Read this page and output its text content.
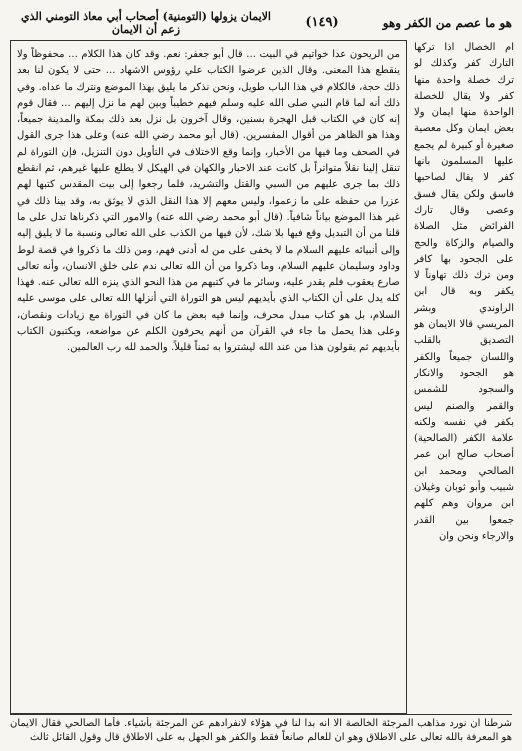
هو ما عصم من الكفر وهو
(١٤٩)
الايمان يزولها (التومنية) أصحاب أبي معاذ التومني الذي زعم أن الايمان

من الريحون عدا خواتيم في البيت ... قال أبو جعفر: نعم. وقد كان هذا الكلام ... محفوظاً ولا ينقطع هذا المعنى. وقال الذين عرضوا الكتاب علي رؤوس الاشهاد ... حتى لا يكون لنا بعد ذلك حجة، فالكلام في هذا الباب طويل، ونحن نذكر ما يليق بهذا الموضع ونترك ما عداه. وفي ذلك أنه لما قام النبي صلى الله عليه وسلم فيهم خطيباً وبين لهم ما نزل إليهم ... فقال قوم إنه كان في الكتاب قبل الهجرة بسنين، وقال آخرون بل نزل بعد ذلك بمكة والمدينة جميعاً، وهذا هو الظاهر من أقوال المفسرين. (قال أبو محمد رضي الله عنه) وعلى هذا جرى القول في الصحف وما فيها من الأخبار، وإنما وقع الاختلاف في التأويل دون التنزيل، فإن التوراة لم تنقل إلينا نقلاً متواتراً بل كانت عند الاحبار والكهان في الهيكل لا يطلع عليها غيرهم، ثم انقطع ذلك بما جرى عليهم من السبي والقتل والتشريد، فلما رجعوا إلى بيت المقدس كتبها لهم عزرا من حفظه على ما زعموا، وليس معهم إلا هذا النقل الذي لا يوثق به، وقد بينا ذلك في غير هذا الموضع بياناً شافياً. (قال أبو محمد رضي الله عنه) والامور التي ذكرناها تدل على ما قلنا من أن التبديل وقع فيها بلا شك، لأن فيها من الكذب على الله تعالى ونسبة ما لا يليق إليه وإلى أنبيائه عليهم السلام ما لا يخفى على من له أدنى فهم، ومن ذلك ما ذكروا في قصة لوط وداود وسليمان عليهم السلام، وما ذكروا من أن الله تعالى ندم على خلق الانسان، وأنه تعالى صارع يعقوب فلم يقدر عليه، وسائر ما في كتبهم من هذا النحو الذي ينزه الله تعالى عنه. فهذا كله يدل على أن الكتاب الذي بأيديهم ليس هو التوراة التي أنزلها الله تعالى على موسى عليه السلام، بل هو كتاب مبدل محرف، وإنما فيه بعض ما كان في التوراة مع زيادات ونقصان، وعلى هذا يحمل ما جاء في القرآن من أنهم يحرفون الكلم عن مواضعه، ويكتبون الكتاب بأيديهم ثم يقولون هذا من عند الله ليشتروا به ثمناً قليلاً. والحمد لله رب العالمين.

ام الخصال اذا تركها التارك كفر وكذلك لو ترك خصلة واحدة منها كفر ولا يقال للخصلة الواحدة منها ايمان ولا بعض ايمان وكل معصية صغيرة أو كبيرة لم يجمع عليها المسلمون بانها كفر لا يقال لصاحبها فاسق ولكن يقال فسق وعصى وقال تارك الفرائض مثل الصلاة والصيام والزكاة والحج على الجحود بها كافر ومن ترك ذلك تهاوناً لا يكفر وبه قال ابن الراوندي وبشر المريسي قالا الايمان هو التصديق بالقلب واللسان جميعاً والكفر هو الجحود والانكار والسجود للشمس والقمر والصنم ليس بكفر في نفسه ولكنه علامة الكفر (الصالحية) أصحاب صالح ابن عمر الصالحي ومحمد ابن شبيب وأبو ثوبان وغيلان ابن مروان وهم كلهم جمعوا بين القدر والارجاء ونحن وان

شرطنا ان نورد مذاهب المرجئة الخالصة الا انه بدا لنا في هؤلاء لانفرادهم عن المرجئة بأشياء. فأما الصالحي فقال الايمان هو المعرفة بالله تعالى على الاطلاق وهو ان للعالم صانعاً فقط والكفر هو الجهل به على الاطلاق قال وقول القائل ثالث
